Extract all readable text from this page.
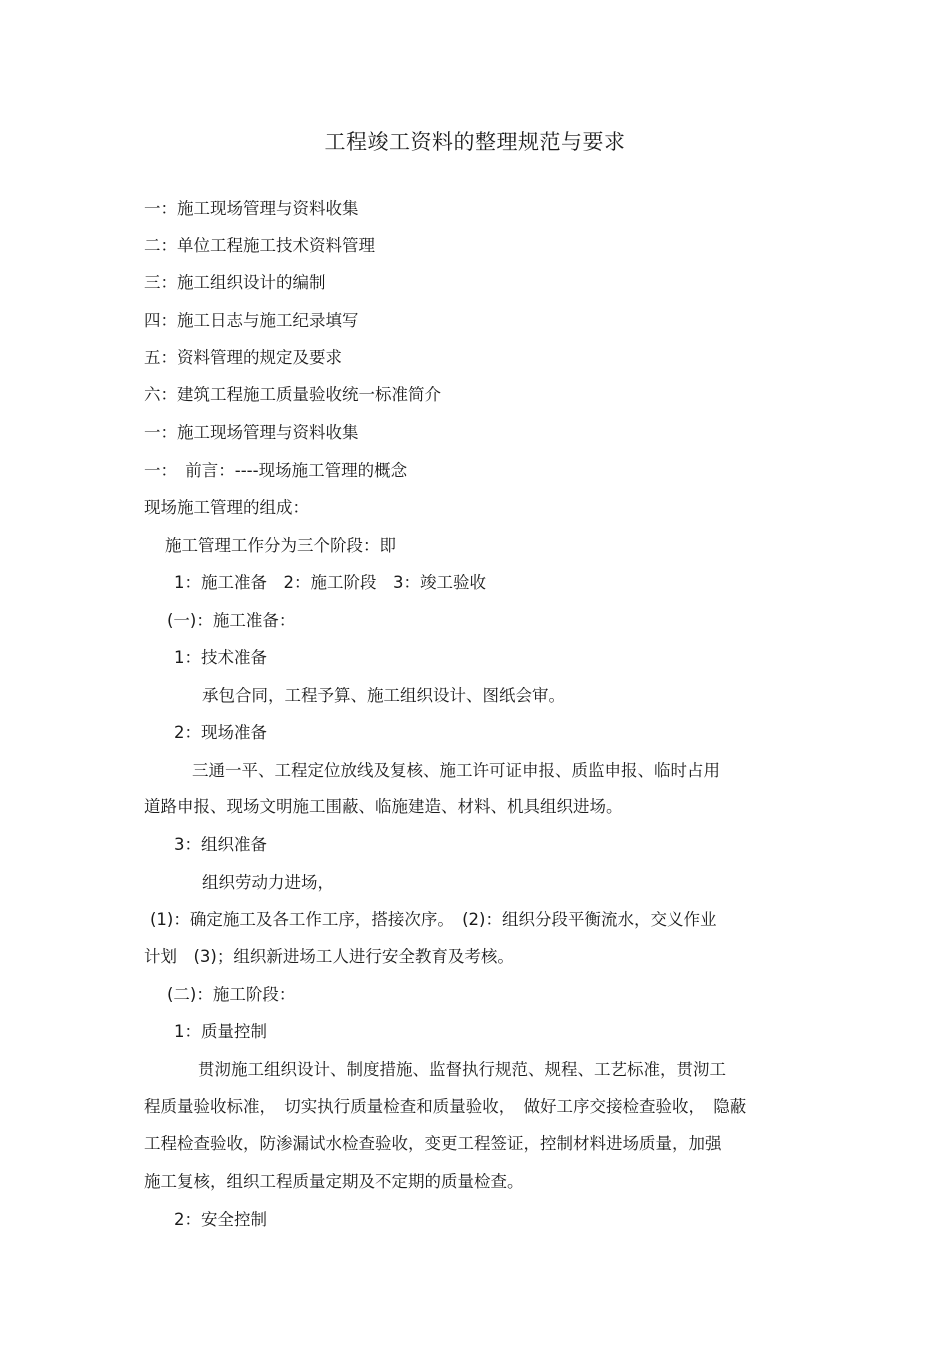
工程竣工资料的整理规范与要求
一：施工现场管理与资料收集
二：单位工程施工技术资料管理
三：施工组织设计的编制
四：施工日志与施工纪录填写
五：资料管理的规定及要求
六：建筑工程施工质量验收统一标准简介
一：施工现场管理与资料收集
一：　前言：----现场施工管理的概念
现场施工管理的组成：
施工管理工作分为三个阶段：即
1：施工准备　2：施工阶段　3：竣工验收
(一)：施工准备：
1：技术准备
承包合同，工程予算、施工组织设计、图纸会审。
2：现场准备
三通一平、工程定位放线及复核、施工许可证申报、质监申报、临时占用
道路申报、现场文明施工围蔽、临施建造、材料、机具组织进场。
3：组织准备
组织劳动力进场，
(1)：确定施工及各工作工序，搭接次序。　(2)：组织分段平衡流水，交义作业
计划　(3)；组织新进场工人进行安全教育及考核。
(二)：施工阶段：
1：质量控制
贯沏施工组织设计、制度措施、监督执行规范、规程、工艺标准，贯沏工
程质量验收标准，　切实执行质量检查和质量验收，　做好工序交接检查验收，　隐蔽
工程检查验收，防渗漏试水检查验收，变更工程签证，控制材料进场质量，加强
施工复核，组织工程质量定期及不定期的质量检查。
2：安全控制
